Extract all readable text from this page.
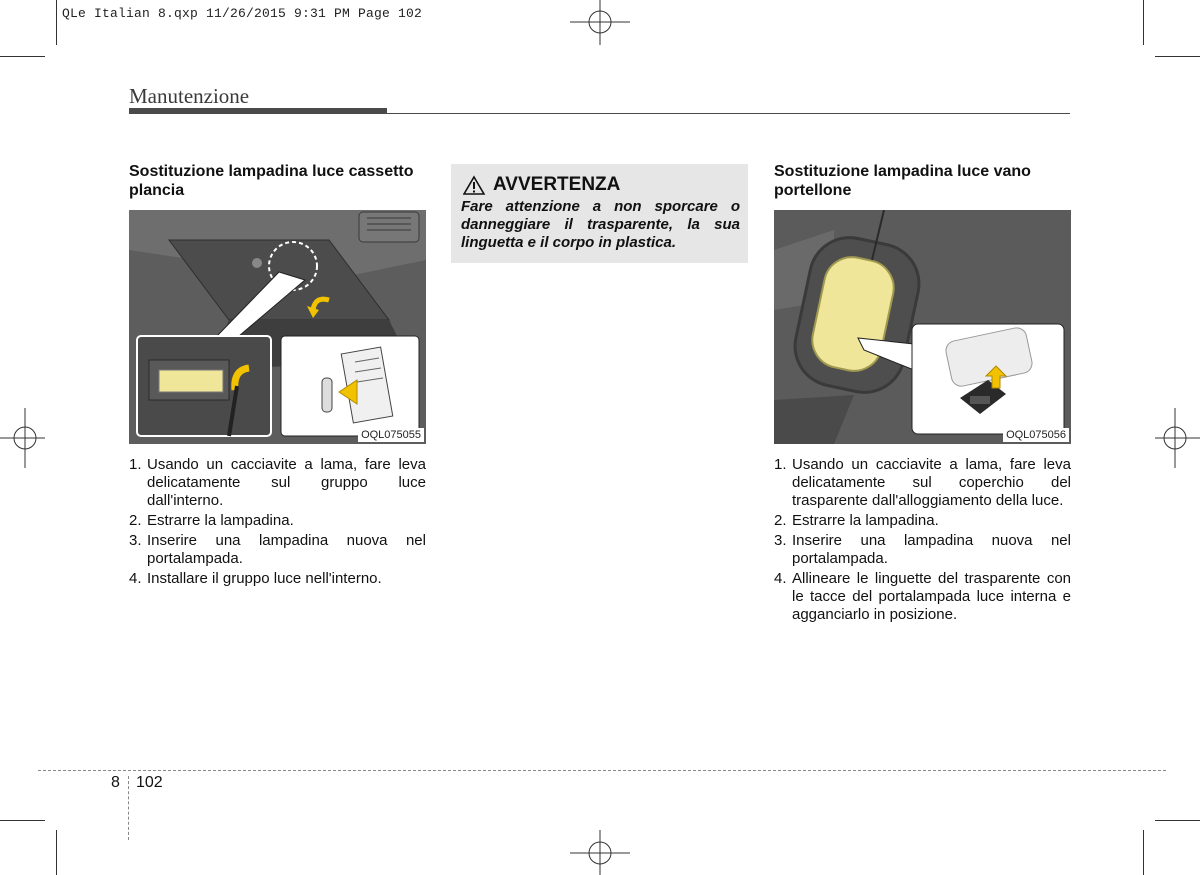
QLe Italian 8.qxp 11/26/2015 9:31 PM Page 102
Manutenzione
Sostituzione lampadina luce cassetto plancia
OQL075055
1. Usando un cacciavite a lama, fare leva delicatamente sul gruppo luce dall'interno.
2. Estrarre la lampadina.
3. Inserire una lampadina nuova nel portalampada.
4. Installare il gruppo luce nell'interno.
AVVERTENZA
Fare attenzione a non sporcare o danneggiare il trasparente, la sua linguetta e il corpo in plastica.
Sostituzione lampadina luce vano portellone
OQL075056
1. Usando un cacciavite a lama, fare leva delicatamente sul coperchio del trasparente dall'alloggiamento della luce.
2. Estrarre la lampadina.
3. Inserire una lampadina nuova nel portalampada.
4. Allineare le linguette del trasparente con le tacce del portalampada luce interna e agganciarlo in posizione.
8 102
